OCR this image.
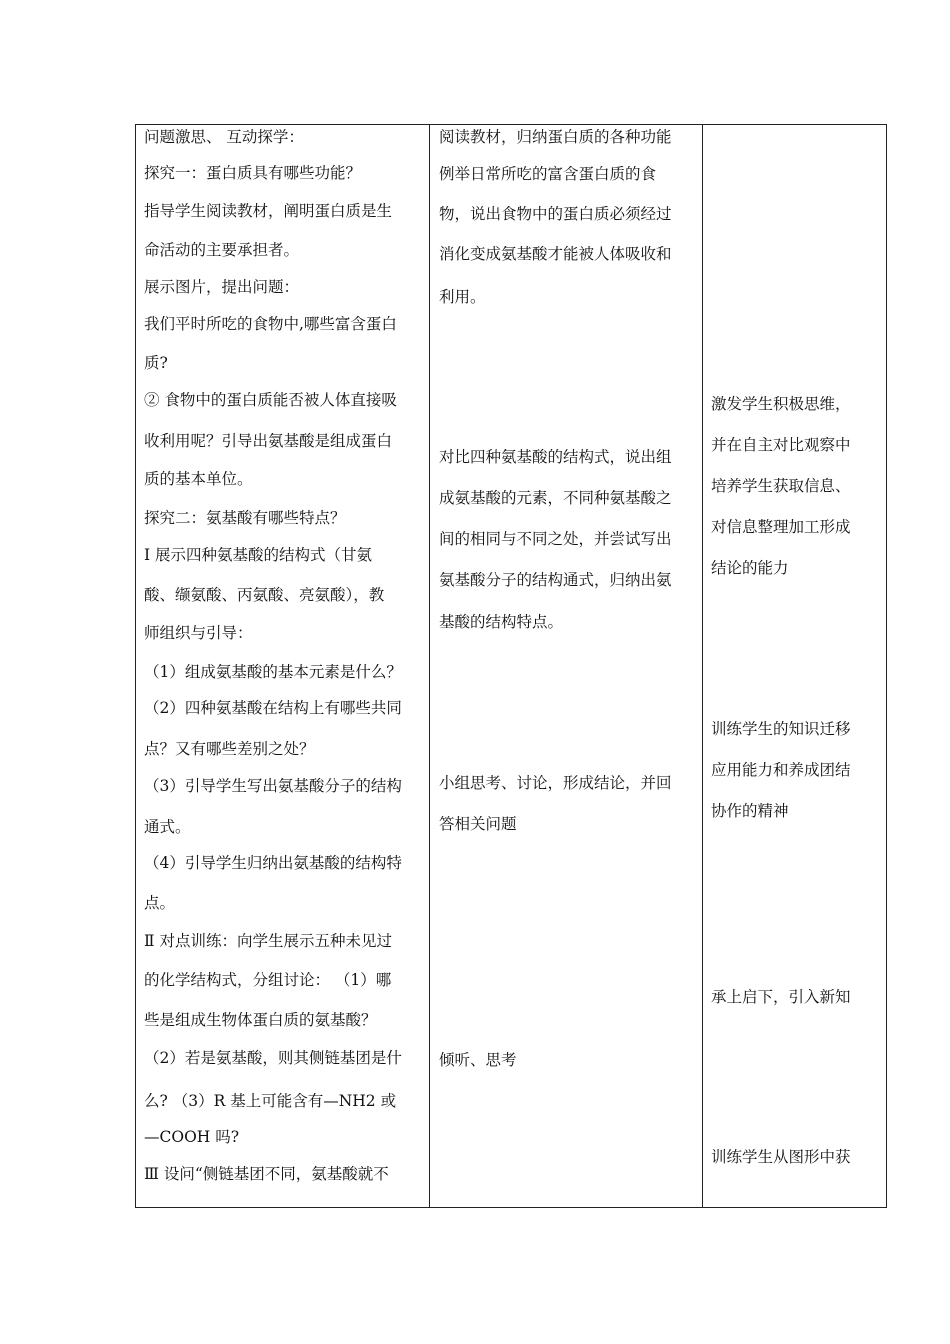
问题激思、 互动探学：
探究一：蛋白质具有哪些功能？
指导学生阅读教材，阐明蛋白质是生
命活动的主要承担者。
展示图片，提出问题：
我们平时所吃的食物中,哪些富含蛋白
质?
② 食物中的蛋白质能否被人体直接吸
收利用呢？引导出氨基酸是组成蛋白
质的基本单位。
探究二：氨基酸有哪些特点？
Ⅰ 展示四种氨基酸的结构式（甘氨
酸、缬氨酸、丙氨酸、亮氨酸），教
师组织与引导：
（1）组成氨基酸的基本元素是什么？
（2）四种氨基酸在结构上有哪些共同
点？又有哪些差别之处？
（3）引导学生写出氨基酸分子的结构
通式。
（4）引导学生归纳出氨基酸的结构特
点。
Ⅱ 对点训练：向学生展示五种未见过
的化学结构式，分组讨论： （1）哪
些是组成生物体蛋白质的氨基酸？
（2）若是氨基酸，则其侧链基团是什
么? （3）R 基上可能含有—NH2 或
—COOH 吗?
Ⅲ 设问“侧链基团不同，氨基酸就不
阅读教材，归纳蛋白质的各种功能
例举日常所吃的富含蛋白质的食
物，说出食物中的蛋白质必须经过
消化变成氨基酸才能被人体吸收和
利用。
对比四种氨基酸的结构式，说出组
成氨基酸的元素，不同种氨基酸之
间的相同与不同之处，并尝试写出
氨基酸分子的结构通式，归纳出氨
基酸的结构特点。
小组思考、讨论，形成结论，并回
答相关问题
倾听、思考
激发学生积极思维，
并在自主对比观察中
培养学生获取信息、
对信息整理加工形成
结论的能力
训练学生的知识迁移
应用能力和养成团结
协作的精神
承上启下，引入新知
训练学生从图形中获
